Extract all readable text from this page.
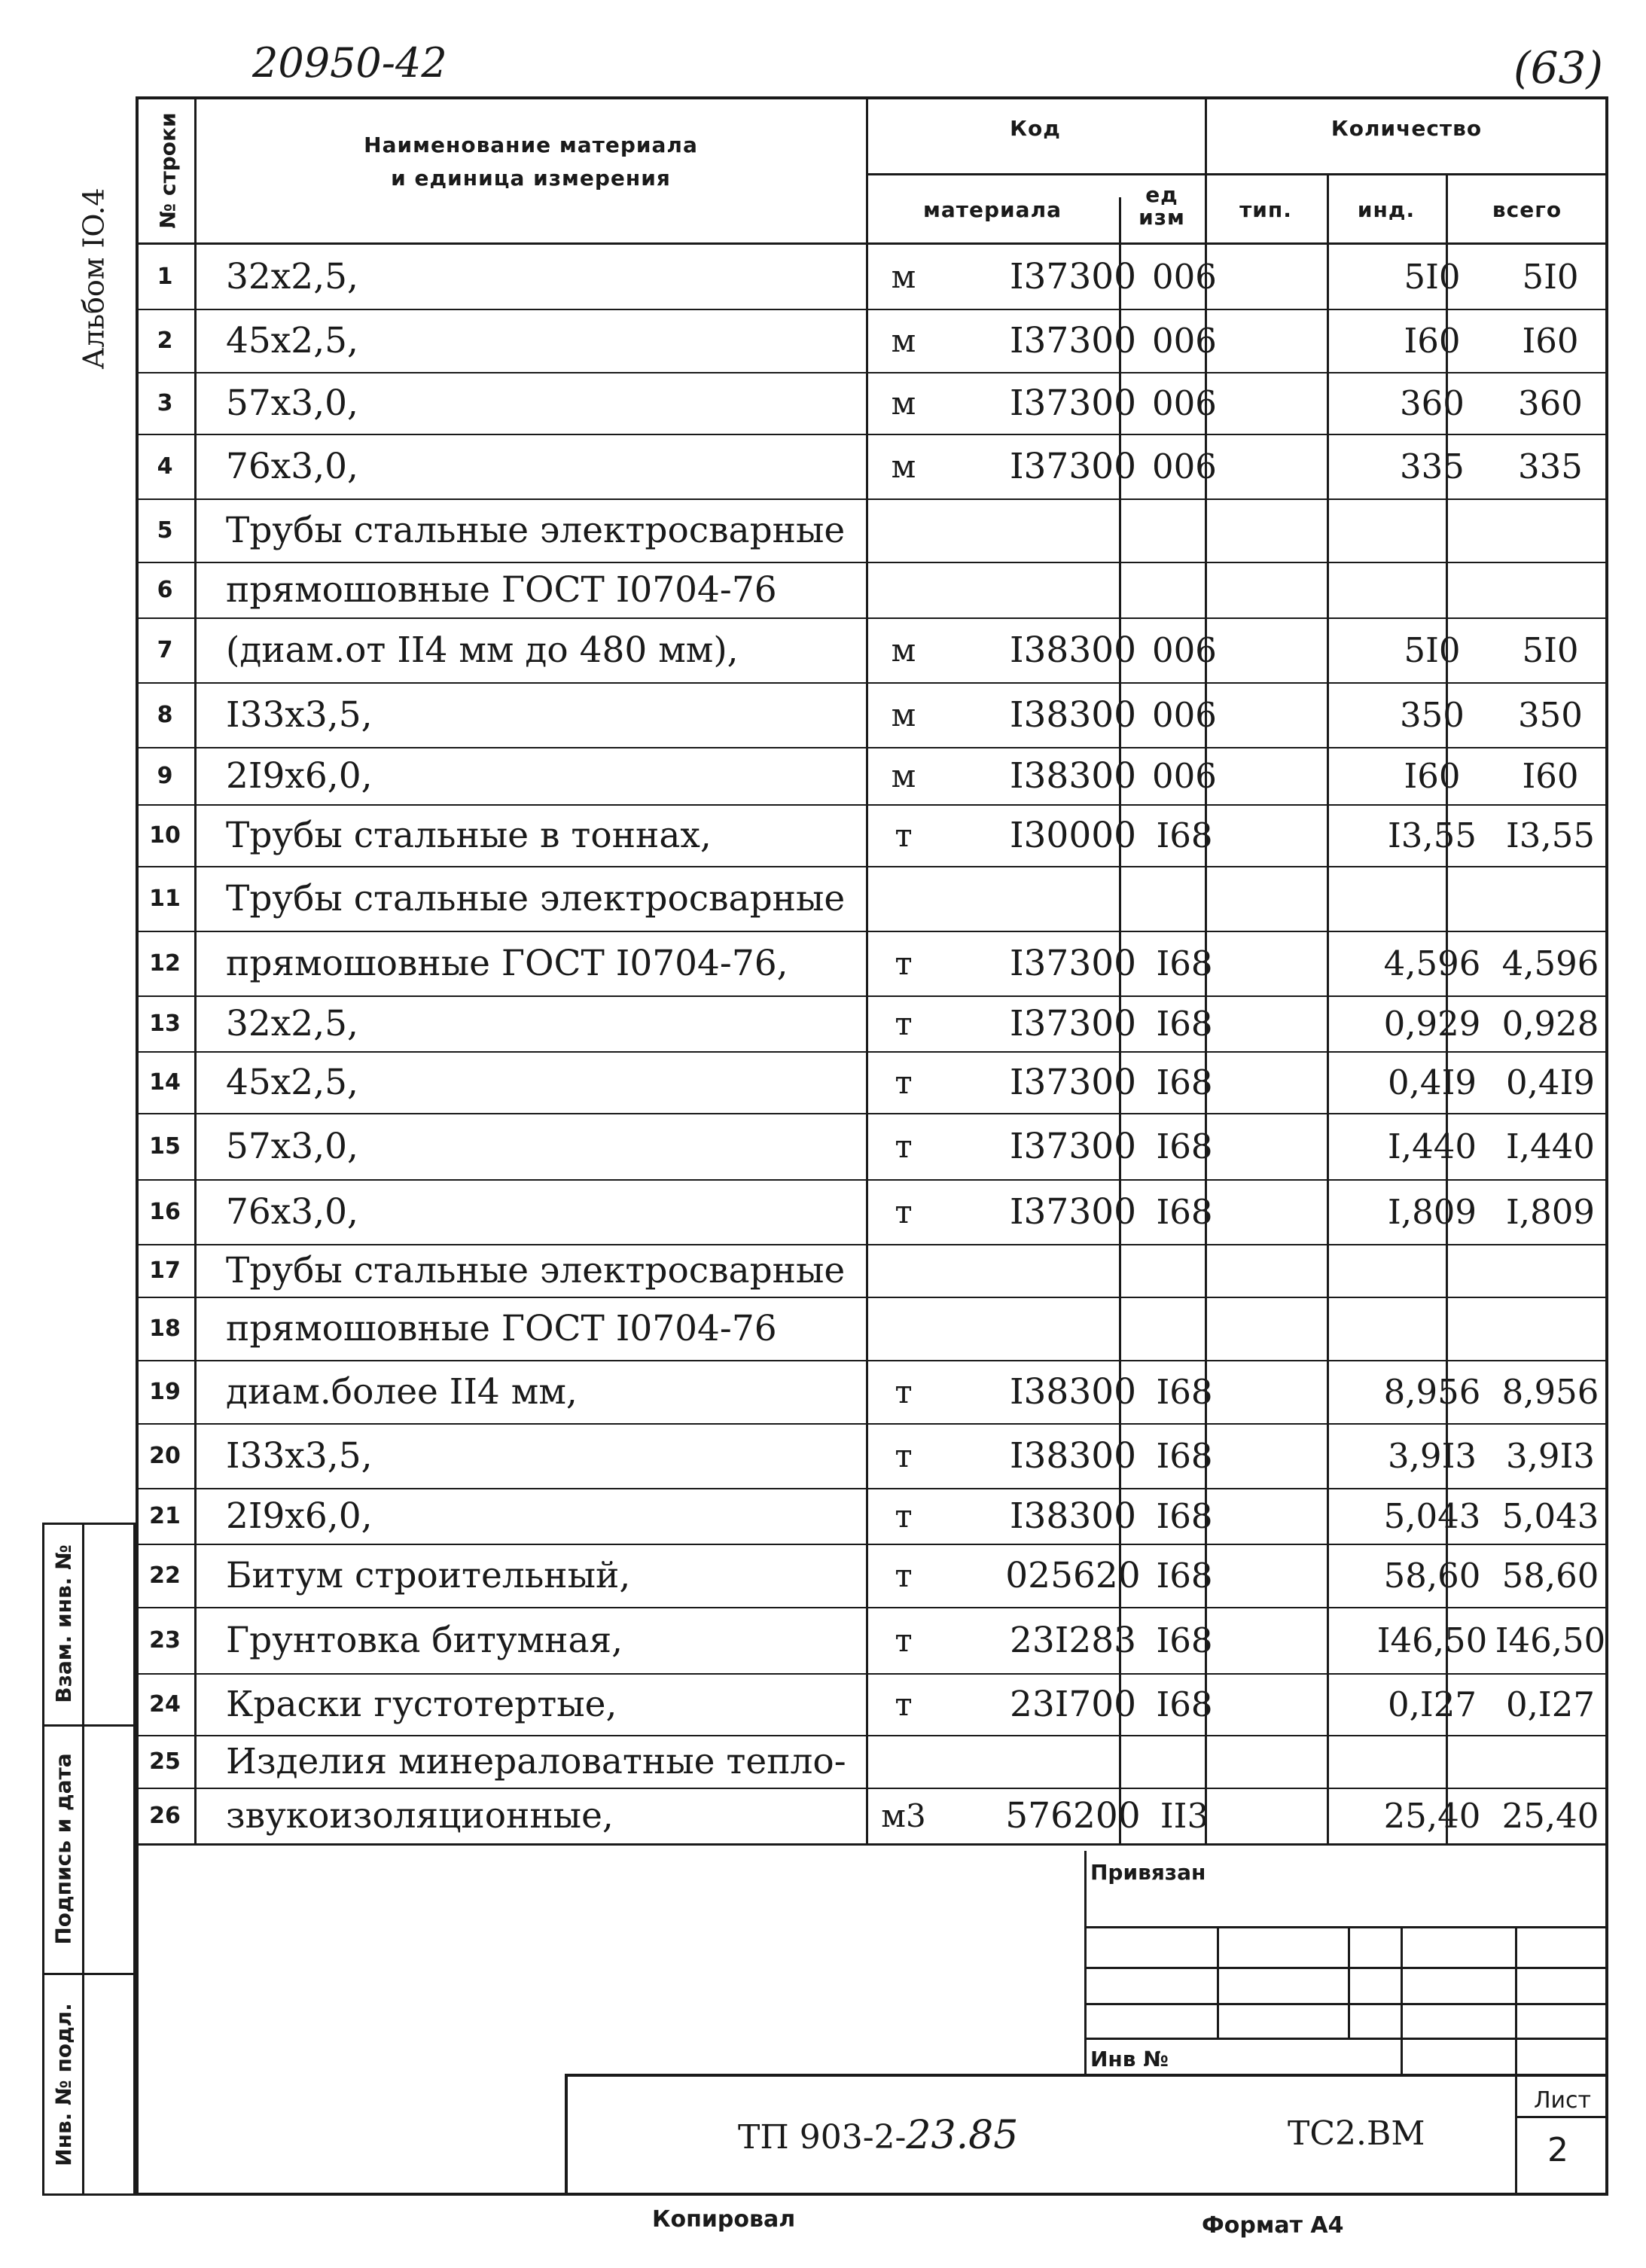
20950-42	(63)
Альбом IO.4
№ строки	Наименование материала
и единица измерения
Код	Количество
материала
ед
изм	тип.	инд.	всего
1	32x2,5,	м	I37300 006	5I0	5I0
2	45x2,5,	м	I37300 006	I60	I60
3	57x3,0,	м	I37300 006	360	360
4	76x3,0,	м	I37300 006	335	335
5	Трубы стальные электросварные
6	прямошовные ГОСТ I0704-76
7	(диам.от II4 мм до 480 мм),	м	I38300 006	5I0	5I0
8	I33x3,5,	м	I38300 006	350	350
9	2I9x6,0,	м	I38300 006	I60	I60
10	Трубы стальные в тоннах,	т	I30000 I68	I3,55 I3,55
11	Трубы стальные электросварные
12	прямошовные ГОСТ I0704-76,	т	I37300 I68	4,596 4,596
13	32x2,5,	т	I37300 I68	0,929 0,928
14	45x2,5,	т	I37300 I68	0,4I9 0,4I9
15	57x3,0,	т	I37300 I68	I,440 I,440
16	76x3,0,	т	I37300 I68	I,809 I,809
17	Трубы стальные электросварные
18	прямошовные ГОСТ I0704-76
19	диам.более II4 мм,	т	I38300 I68	8,956 8,956
20	I33x3,5,	т	I38300 I68	3,9I3 3,9I3
21	2I9x6,0,	т	I38300 I68	5,043 5,043
22	Битум строительный,	т	025620 I68	58,60 58,60
23	Грунтовка битумная,	т	23I283 I68	I46,50 I46,50
24	Краски густотертые,	т	23I700 I68	0,I27 0,I27
25	Изделия минераловатные тепло-
26	звукоизоляционные,	м3	576200 II3	25,40 25,40
Взам. инв. №
Подпись и дата
Инв. № подл.
Привязан
Инв №
ТП 903-2-23.85	ТС2.ВМ
Лист
2
Копировал	Формат А4
